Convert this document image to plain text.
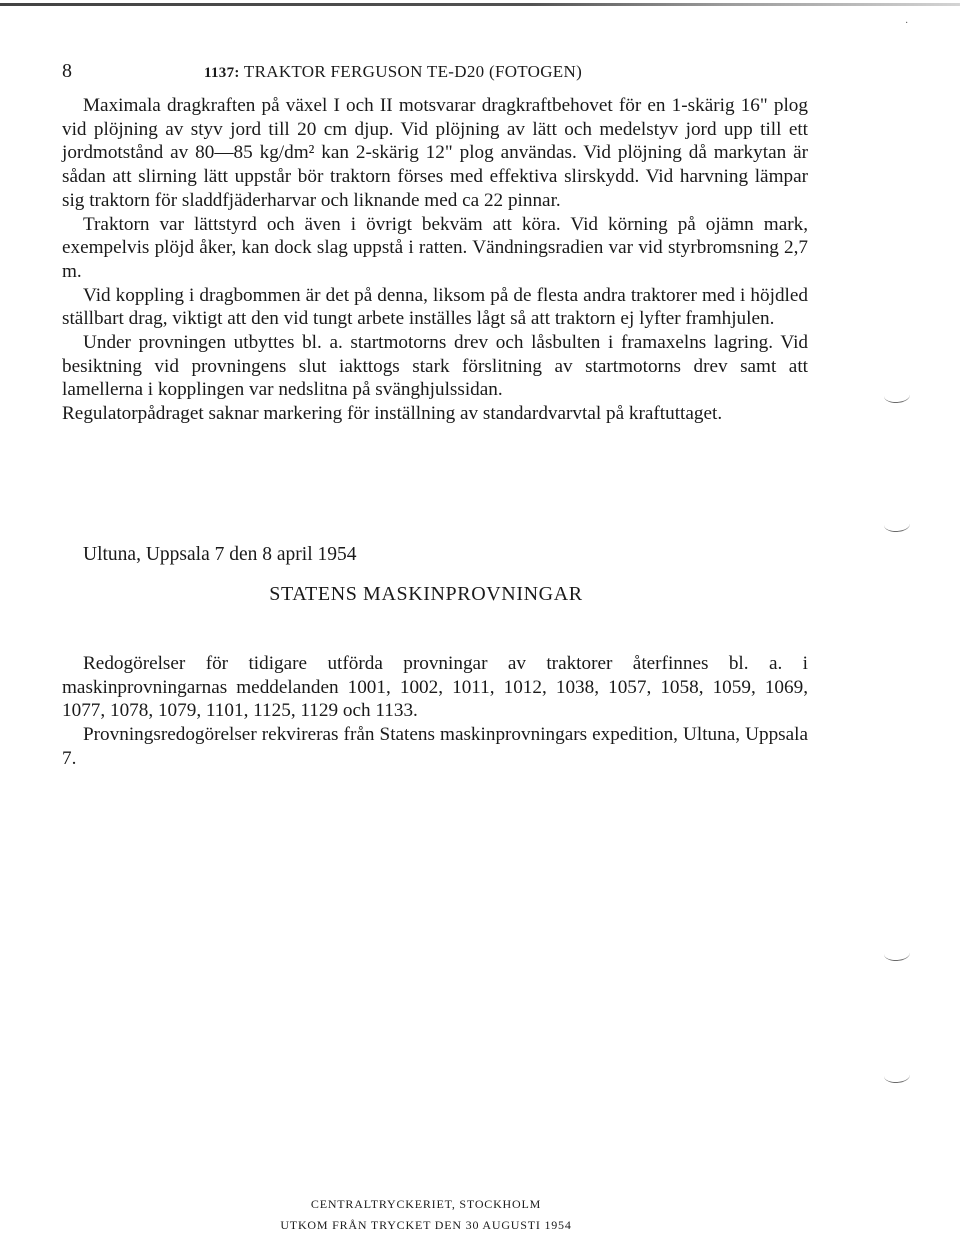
·
8	1137: TRAKTOR FERGUSON TE-D20 (FOTOGEN)

Maximala dragkraften på växel I och II motsvarar dragkraftbehovet för en 1-skärig 16" plog vid plöjning av styv jord till 20 cm djup. Vid plöjning av lätt och medelstyv jord upp till ett jordmotstånd av 80—85 kg/dm² kan 2-skärig 12" plog användas. Vid plöjning då markytan är sådan att slirning lätt uppstår bör traktorn förses med effektiva slirskydd. Vid harvning lämpar sig traktorn för sladdfjäderharvar och liknande med ca 22 pinnar.

Traktorn var lättstyrd och även i övrigt bekväm att köra. Vid körning på ojämn mark, exempelvis plöjd åker, kan dock slag uppstå i ratten. Vändningsradien var vid styrbromsning 2,7 m.

Vid koppling i dragbommen är det på denna, liksom på de flesta andra traktorer med i höjdled ställbart drag, viktigt att den vid tungt arbete inställes lågt så att traktorn ej lyfter framhjulen.

Under provningen utbyttes bl. a. startmotorns drev och låsbulten i framaxelns lagring. Vid besiktning vid provningens slut iakttogs stark förslitning av startmotorns drev samt att lamellerna i kopplingen var nedslitna på svänghjulssidan.

Regulatorpådraget saknar markering för inställning av standardvarvtal på kraftuttaget.

Ultuna, Uppsala 7 den 8 april 1954
STATENS MASKINPROVNINGAR

Redogörelser för tidigare utförda provningar av traktorer återfinnes bl. a. i maskinprovningarnas meddelanden 1001, 1002, 1011, 1012, 1038, 1057, 1058, 1059, 1069, 1077, 1078, 1079, 1101, 1125, 1129 och 1133.

Provningsredogörelser rekvireras från Statens maskinprovningars expedition, Ultuna, Uppsala 7.

CENTRALTRYCKERIET, STOCKHOLM
UTKOM FRÅN TRYCKET DEN 30 AUGUSTI 1954
